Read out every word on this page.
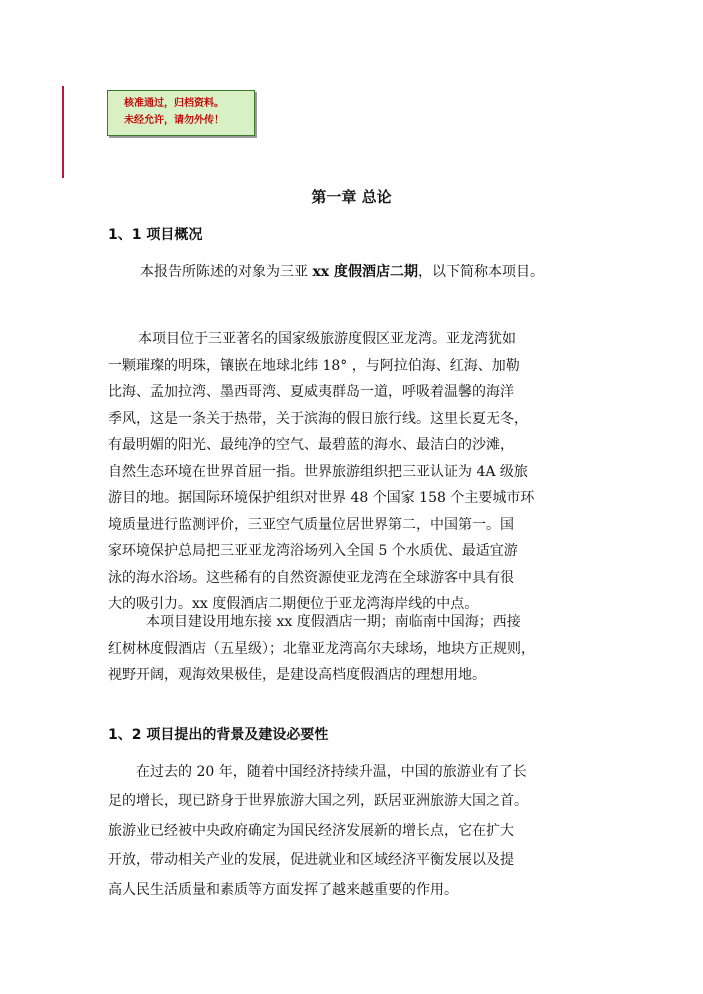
核准通过，归档资料。
未经允许，请勿外传！
第一章 总论
1、1 项目概况
本报告所陈述的对象为三亚 xx 度假酒店二期，以下简称本项目。
本项目位于三亚著名的国家级旅游度假区亚龙湾。亚龙湾犹如
一颗璀璨的明珠，镶嵌在地球北纬 18° ，与阿拉伯海、红海、加勒
比海、孟加拉湾、墨西哥湾、夏威夷群岛一道，呼吸着温馨的海洋
季风，这是一条关于热带，关于滨海的假日旅行线。这里长夏无冬，
有最明媚的阳光、最纯净的空气、最碧蓝的海水、最洁白的沙滩，
自然生态环境在世界首屈一指。世界旅游组织把三亚认证为 4A 级旅
游目的地。据国际环境保护组织对世界 48 个国家 158 个主要城市环
境质量进行监测评价，三亚空气质量位居世界第二，中国第一。国
家环境保护总局把三亚亚龙湾浴场列入全国 5 个水质优、最适宜游
泳的海水浴场。这些稀有的自然资源使亚龙湾在全球游客中具有很
大的吸引力。xx 度假酒店二期便位于亚龙湾海岸线的中点。
本项目建设用地东接 xx 度假酒店一期；南临南中国海；西接
红树林度假酒店（五星级）；北靠亚龙湾高尔夫球场，地块方正规则，
视野开阔，观海效果极佳，是建设高档度假酒店的理想用地。
1、2 项目提出的背景及建设必要性
在过去的 20 年，随着中国经济持续升温，中国的旅游业有了长
足的增长，现已跻身于世界旅游大国之列，跃居亚洲旅游大国之首。
旅游业已经被中央政府确定为国民经济发展新的增长点，它在扩大
开放，带动相关产业的发展，促进就业和区域经济平衡发展以及提
高人民生活质量和素质等方面发挥了越来越重要的作用。
